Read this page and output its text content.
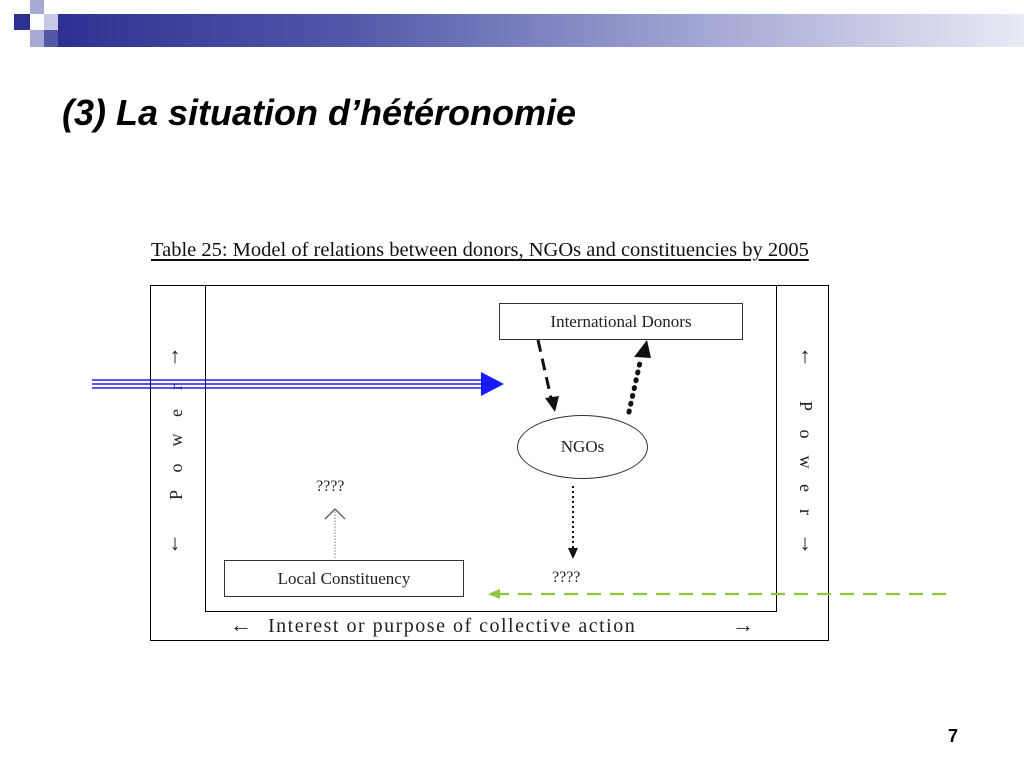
(3) La situation d’hétéronomie
Table 25: Model of relations between donors, NGOs and constituencies by 2005
↑
P
o
w
e
r
↓
↑
P
o
w
e
r
↓
International Donors
NGOs
Local Constituency
????
????
← Interest or purpose of collective action	→
7
